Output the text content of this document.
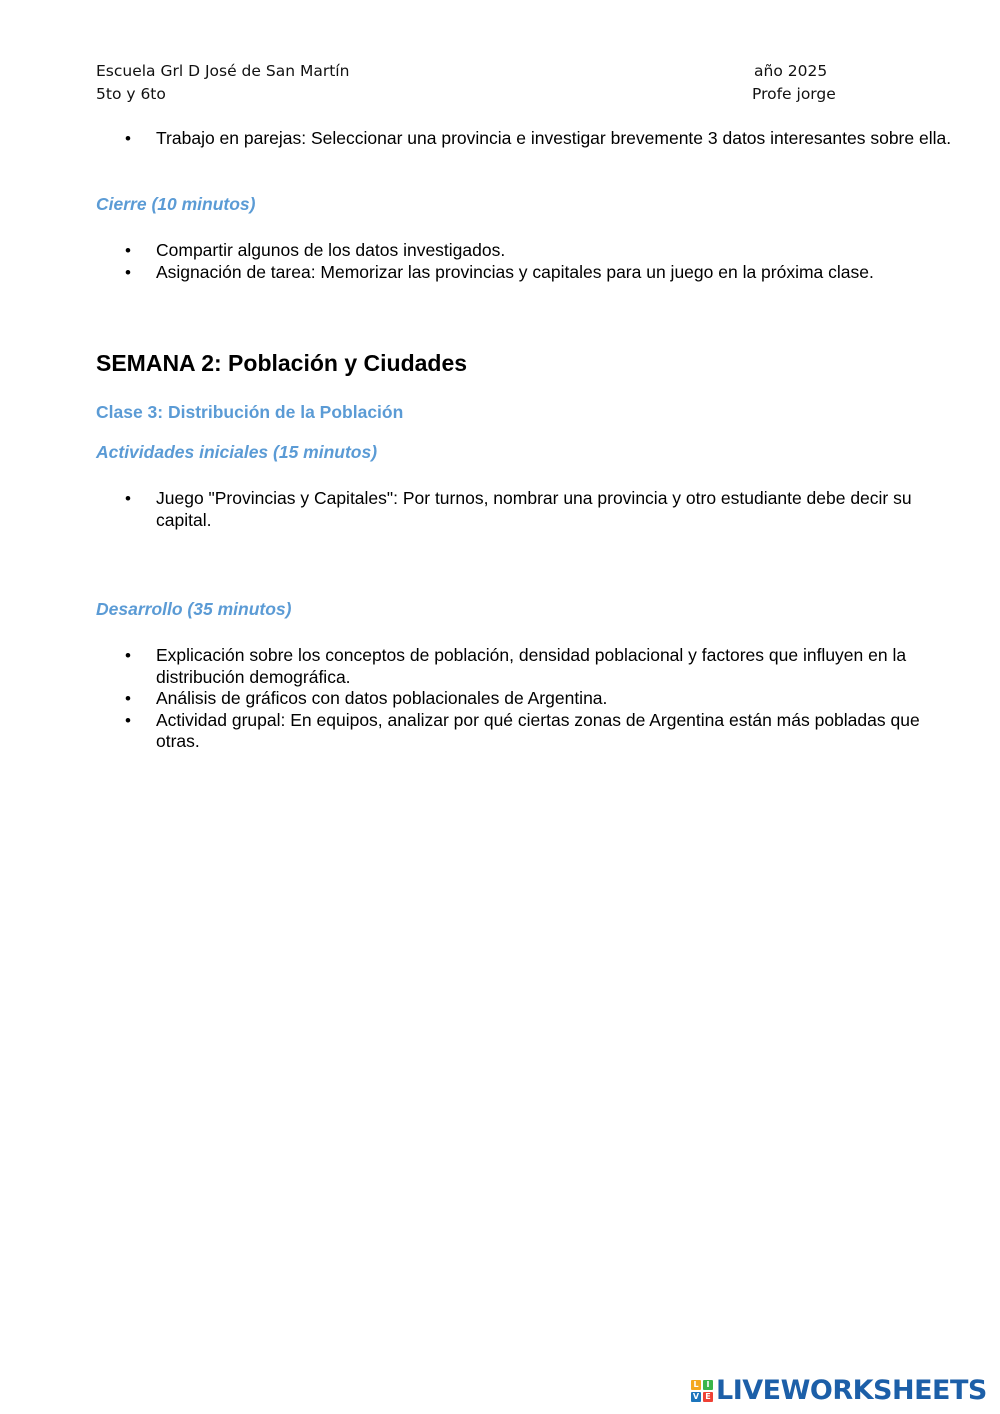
Escuela Grl D José de San Martín
5to y 6to
año 2025
Profe jorge
• Trabajo en parejas: Seleccionar una provincia e investigar brevemente 3 datos interesantes sobre ella.
Cierre (10 minutos)
• Compartir algunos de los datos investigados.
• Asignación de tarea: Memorizar las provincias y capitales para un juego en la próxima clase.
SEMANA 2: Población y Ciudades
Clase 3: Distribución de la Población
Actividades iniciales (15 minutos)
• Juego "Provincias y Capitales": Por turnos, nombrar una provincia y otro estudiante debe decir su capital.
Desarrollo (35 minutos)
• Explicación sobre los conceptos de población, densidad poblacional y factores que influyen en la distribución demográfica.
• Análisis de gráficos con datos poblacionales de Argentina.
• Actividad grupal: En equipos, analizar por qué ciertas zonas de Argentina están más pobladas que otras.
L I
V E LIVEWORKSHEETS
